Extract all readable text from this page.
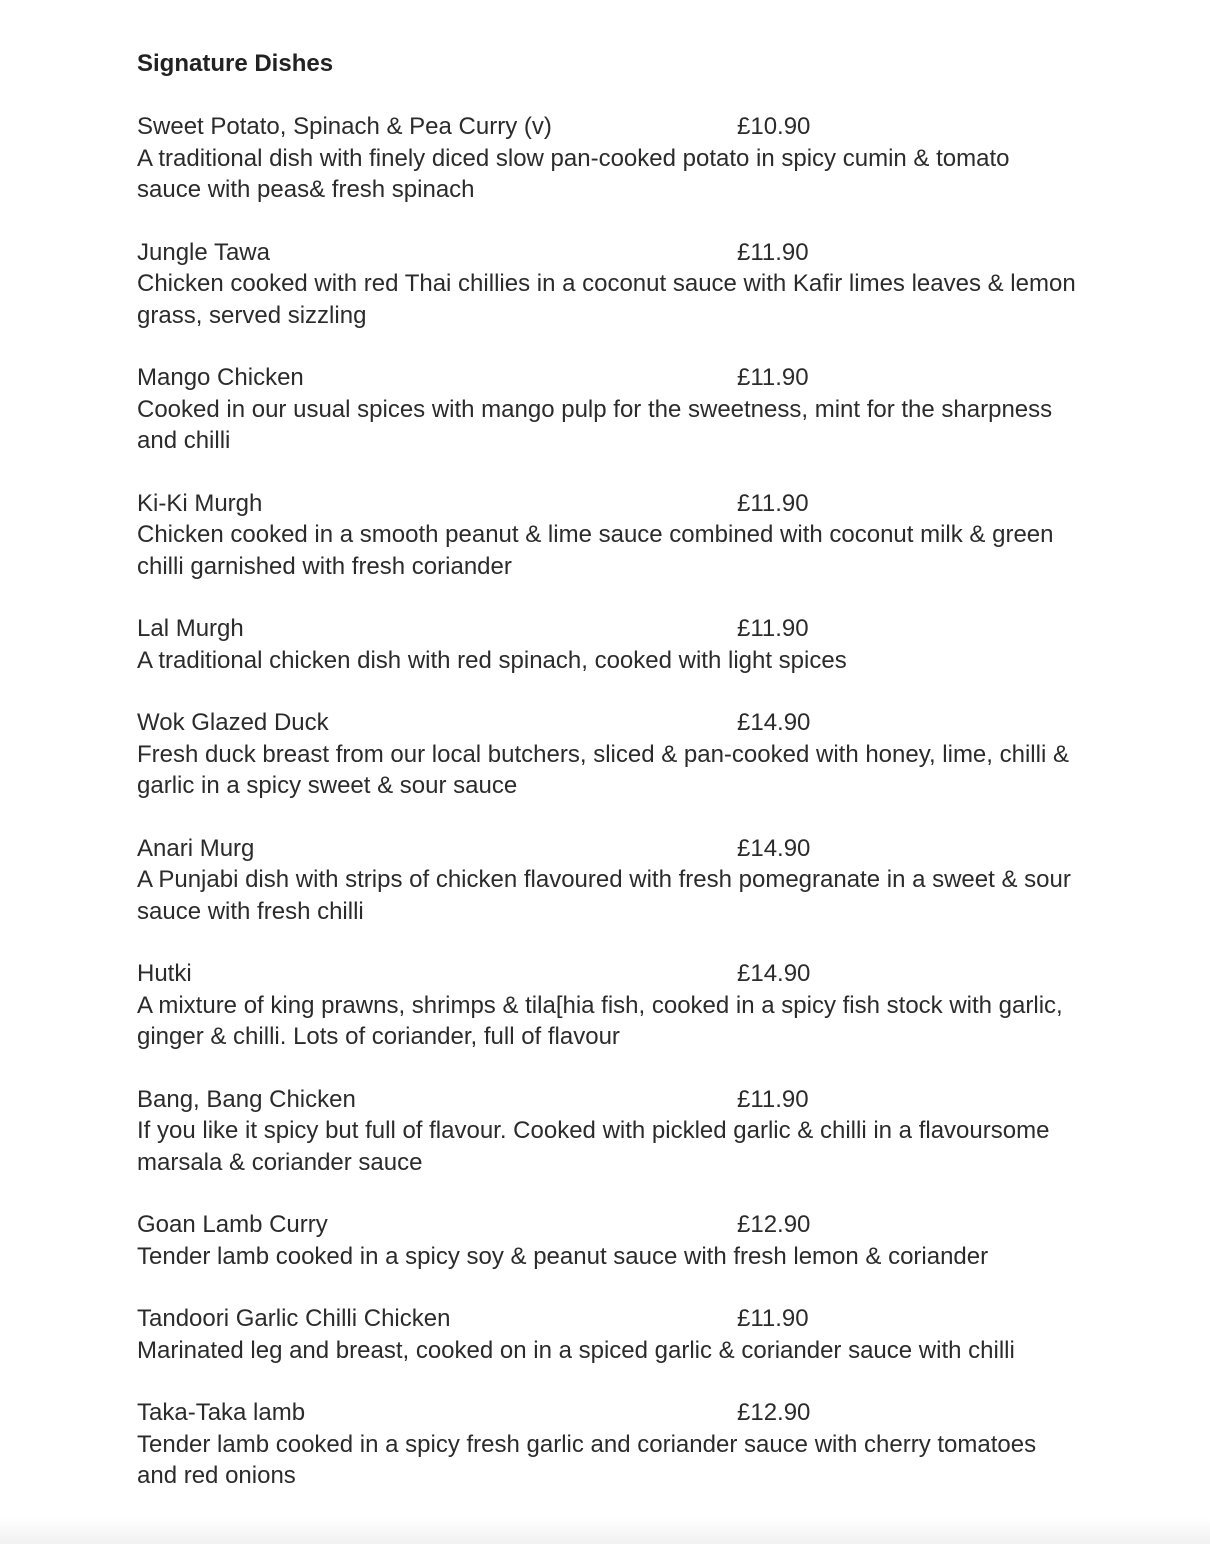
Signature Dishes
Sweet Potato, Spinach & Pea Curry (v)	£10.90

A traditional dish with finely diced slow pan-cooked potato in spicy cumin & tomato sauce with peas& fresh spinach

Jungle Tawa	£11.90

Chicken cooked with red Thai chillies in a coconut sauce with Kafir limes leaves & lemon grass, served sizzling

Mango Chicken	£11.90

Cooked in our usual spices with mango pulp for the sweetness, mint for the sharpness and chilli

Ki-Ki Murgh	£11.90

Chicken cooked in a smooth peanut & lime sauce combined with coconut milk & green chilli garnished with fresh coriander

Lal Murgh	£11.90

A traditional chicken dish with red spinach, cooked with light spices

Wok Glazed Duck	£14.90

Fresh duck breast from our local butchers, sliced & pan-cooked with honey, lime, chilli & garlic in a spicy sweet & sour sauce

Anari Murg	£14.90

A Punjabi dish with strips of chicken flavoured with fresh pomegranate in a sweet & sour sauce with fresh chilli

Hutki	£14.90

A mixture of king prawns, shrimps & tila[hia fish, cooked in a spicy fish stock with garlic, ginger & chilli. Lots of coriander, full of flavour

Bang, Bang Chicken	£11.90

If you like it spicy but full of flavour. Cooked with pickled garlic & chilli in a flavoursome marsala & coriander sauce

Goan Lamb Curry	£12.90

Tender lamb cooked in a spicy soy & peanut sauce with fresh lemon & coriander

Tandoori Garlic Chilli Chicken	£11.90

Marinated leg and breast, cooked on in a spiced garlic & coriander sauce with chilli

Taka-Taka lamb	£12.90

Tender lamb cooked in a spicy fresh garlic and coriander sauce with cherry tomatoes and red onions
